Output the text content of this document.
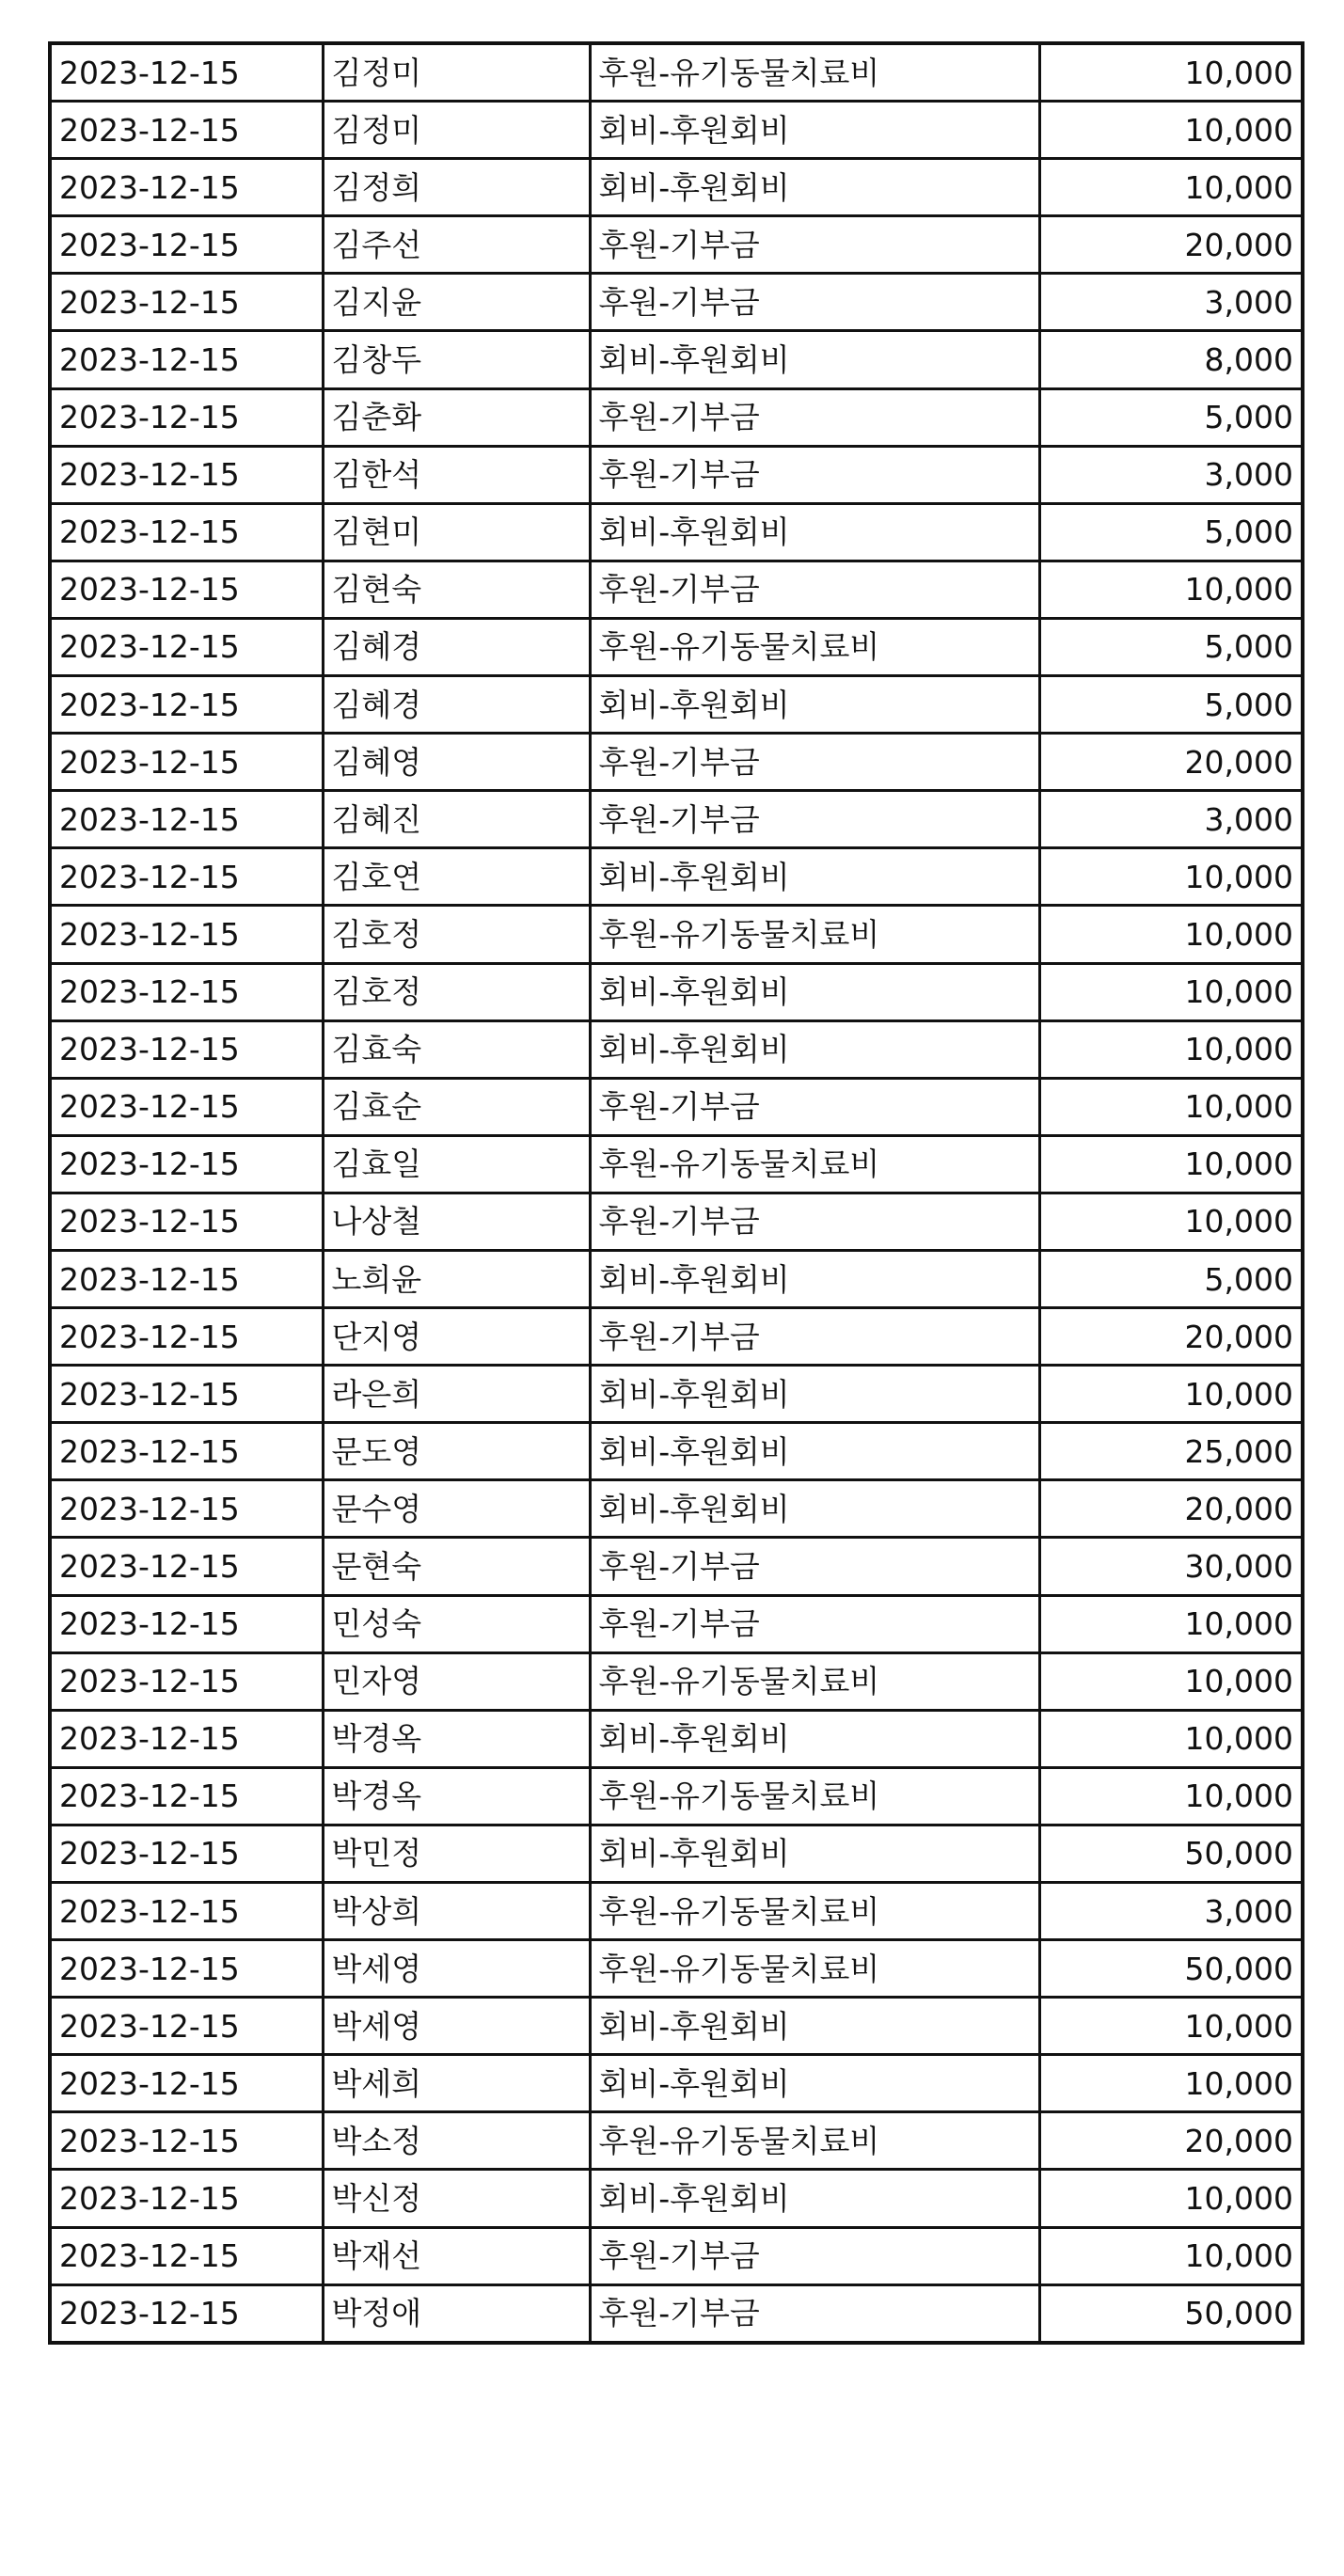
2023-12-15	김정미	후원-유기동물치료비	10,000
2023-12-15	김정미	회비-후원회비	10,000
2023-12-15	김정희	회비-후원회비	10,000
2023-12-15	김주선	후원-기부금	20,000
2023-12-15	김지윤	후원-기부금	3,000
2023-12-15	김창두	회비-후원회비	8,000
2023-12-15	김춘화	후원-기부금	5,000
2023-12-15	김한석	후원-기부금	3,000
2023-12-15	김현미	회비-후원회비	5,000
2023-12-15	김현숙	후원-기부금	10,000
2023-12-15	김혜경	후원-유기동물치료비	5,000
2023-12-15	김혜경	회비-후원회비	5,000
2023-12-15	김혜영	후원-기부금	20,000
2023-12-15	김혜진	후원-기부금	3,000
2023-12-15	김호연	회비-후원회비	10,000
2023-12-15	김호정	후원-유기동물치료비	10,000
2023-12-15	김호정	회비-후원회비	10,000
2023-12-15	김효숙	회비-후원회비	10,000
2023-12-15	김효순	후원-기부금	10,000
2023-12-15	김효일	후원-유기동물치료비	10,000
2023-12-15	나상철	후원-기부금	10,000
2023-12-15	노희윤	회비-후원회비	5,000
2023-12-15	단지영	후원-기부금	20,000
2023-12-15	라은희	회비-후원회비	10,000
2023-12-15	문도영	회비-후원회비	25,000
2023-12-15	문수영	회비-후원회비	20,000
2023-12-15	문현숙	후원-기부금	30,000
2023-12-15	민성숙	후원-기부금	10,000
2023-12-15	민자영	후원-유기동물치료비	10,000
2023-12-15	박경옥	회비-후원회비	10,000
2023-12-15	박경옥	후원-유기동물치료비	10,000
2023-12-15	박민정	회비-후원회비	50,000
2023-12-15	박상희	후원-유기동물치료비	3,000
2023-12-15	박세영	후원-유기동물치료비	50,000
2023-12-15	박세영	회비-후원회비	10,000
2023-12-15	박세희	회비-후원회비	10,000
2023-12-15	박소정	후원-유기동물치료비	20,000
2023-12-15	박신정	회비-후원회비	10,000
2023-12-15	박재선	후원-기부금	10,000
2023-12-15	박정애	후원-기부금	50,000
